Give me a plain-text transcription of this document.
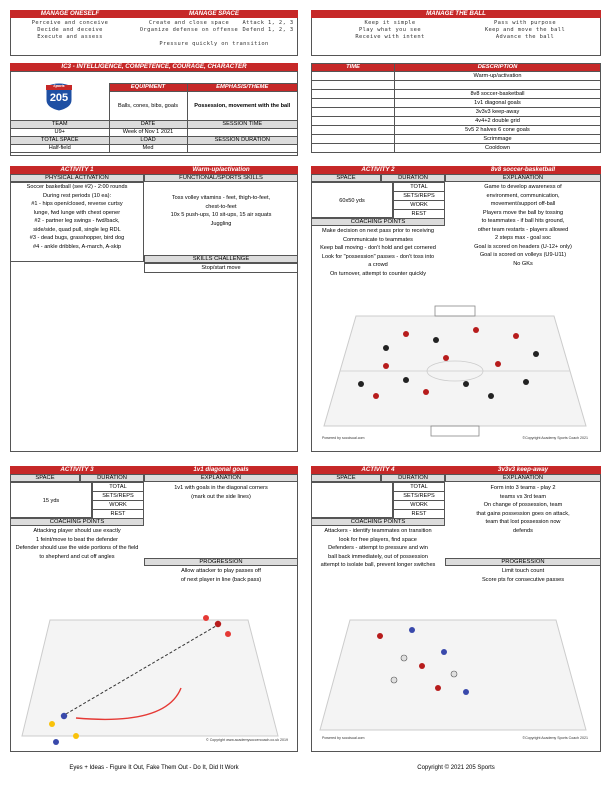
MANAGE ONESELF	MANAGE SPACE
Perceive and conceive
Decide and deceive
Execute and assess
Create and close space
Organize defense on offense
Attack 1, 2, 3
Defend 1, 2, 3
Pressure quickly on transition
MANAGE THE BALL
Keep it simple
Play what you see
Receive with intent
Pass with purpose
Keep and move the ball
Advance the ball
IC3 - INTELLIGENCE, COMPETENCE, COURAGE, CHARACTER
Sports
205
	EQUIPMENT	EMPHASIS/THEME
	Balls, cones, bibs, goals	Possession, movement with the ball
TEAM	DATE	SESSION TIME
U9+	Week of Nov 1 2021	
TOTAL SPACE	LOAD	SESSION DURATION
Half-field	Med	
TIME	DESCRIPTION
	Warm-up/activation

	8v8 soccer-basketball
	1v1 diagonal goals
	3v3v3 keep-away
	4v4+2 double grid
	5v5 2 halves 6 cone goals
	Scrimmage
	Cooldown
ACTIVITY 1	Warm-up/activation
PHYSICAL ACTIVATION	FUNCTIONAL/SPORTS SKILLS
Soccer basketball (see #2) - 2:00 rounds
During rest periods (10 ea):
#1 - hips open/closed, reverse curtsy
lunge, fwd lunge with chest opener
#2 - partner leg swings - fwd/back,
side/side, quad pull, single leg RDL
#3 - dead bugs, grasshopper, bird dog
#4 - ankle dribbles, A-march, A-skip
Toss volley vitamins - feet, thigh-to-feet,
chest-to-feet
10x 5 push-ups, 10 sit-ups, 15 air squats
Juggling
SKILLS CHALLENGE
Stop/start move
ACTIVITY 2	8v8 soccer-basketball
SPACE	DURATION	EXPLANATION
60x50 yds
TOTAL
SETS/REPS
WORK
REST
COACHING POINTS
Make decision on next pass prior to receiving
Communicate to teammates
Keep ball moving - don't hold and get cornered
Look for "possession" passes - don't toss into
a crowd
On turnover, attempt to counter quickly
Game to develop awareness of
environment, communication,
movement/support off-ball
Players move the ball by tossing
to teammates - if ball hits ground,
other team restarts - players allowed
2 steps max - goal soc
Goal is scored on headers (U-12+ only)
Goal is scored on volleys (U9-U11)
No GKs
Powered by soccisual.com	©Copyright Academy Sports Coach 2021
ACTIVITY 3	1v1 diagonal goals
SPACE	DURATION	EXPLANATION
15 yds
TOTAL
SETS/REPS
WORK
REST
COACHING POINTS
Attacking player should use exactly
1 feint/move to beat the defender
Defender should use the wide portions of the field
to shepherd and cut off angles
1v1 with goals in the diagonal corners
(mark out the side lines)
PROGRESSION
Allow attacker to play passes off
of next player in line (back pass)
© Copyright www.academysoccercoach.co.uk 2019
ACTIVITY 4	3v3v3 keep-away
SPACE	DURATION	EXPLANATION
TOTAL
SETS/REPS
WORK
REST
COACHING POINTS
Attackers - identify teammates on transition
look for free players, find space
Defenders - attempt to pressure and win
ball back immediately, out of possession
attempt to isolate ball, prevent longer switches
Form into 3 teams - play 2
teams vs 3rd team
On change of possession, team
that gains possession goes on attack,
team that lost possession now
defends
PROGRESSION
Limit touch count
Score pts for consecutive passes
Powered by soccisual.com	©Copyright Academy Sports Coach 2021
Eyes + Ideas - Figure It Out, Fake Them Out - Do It, Did It Work	Copyright © 2021 205 Sports
